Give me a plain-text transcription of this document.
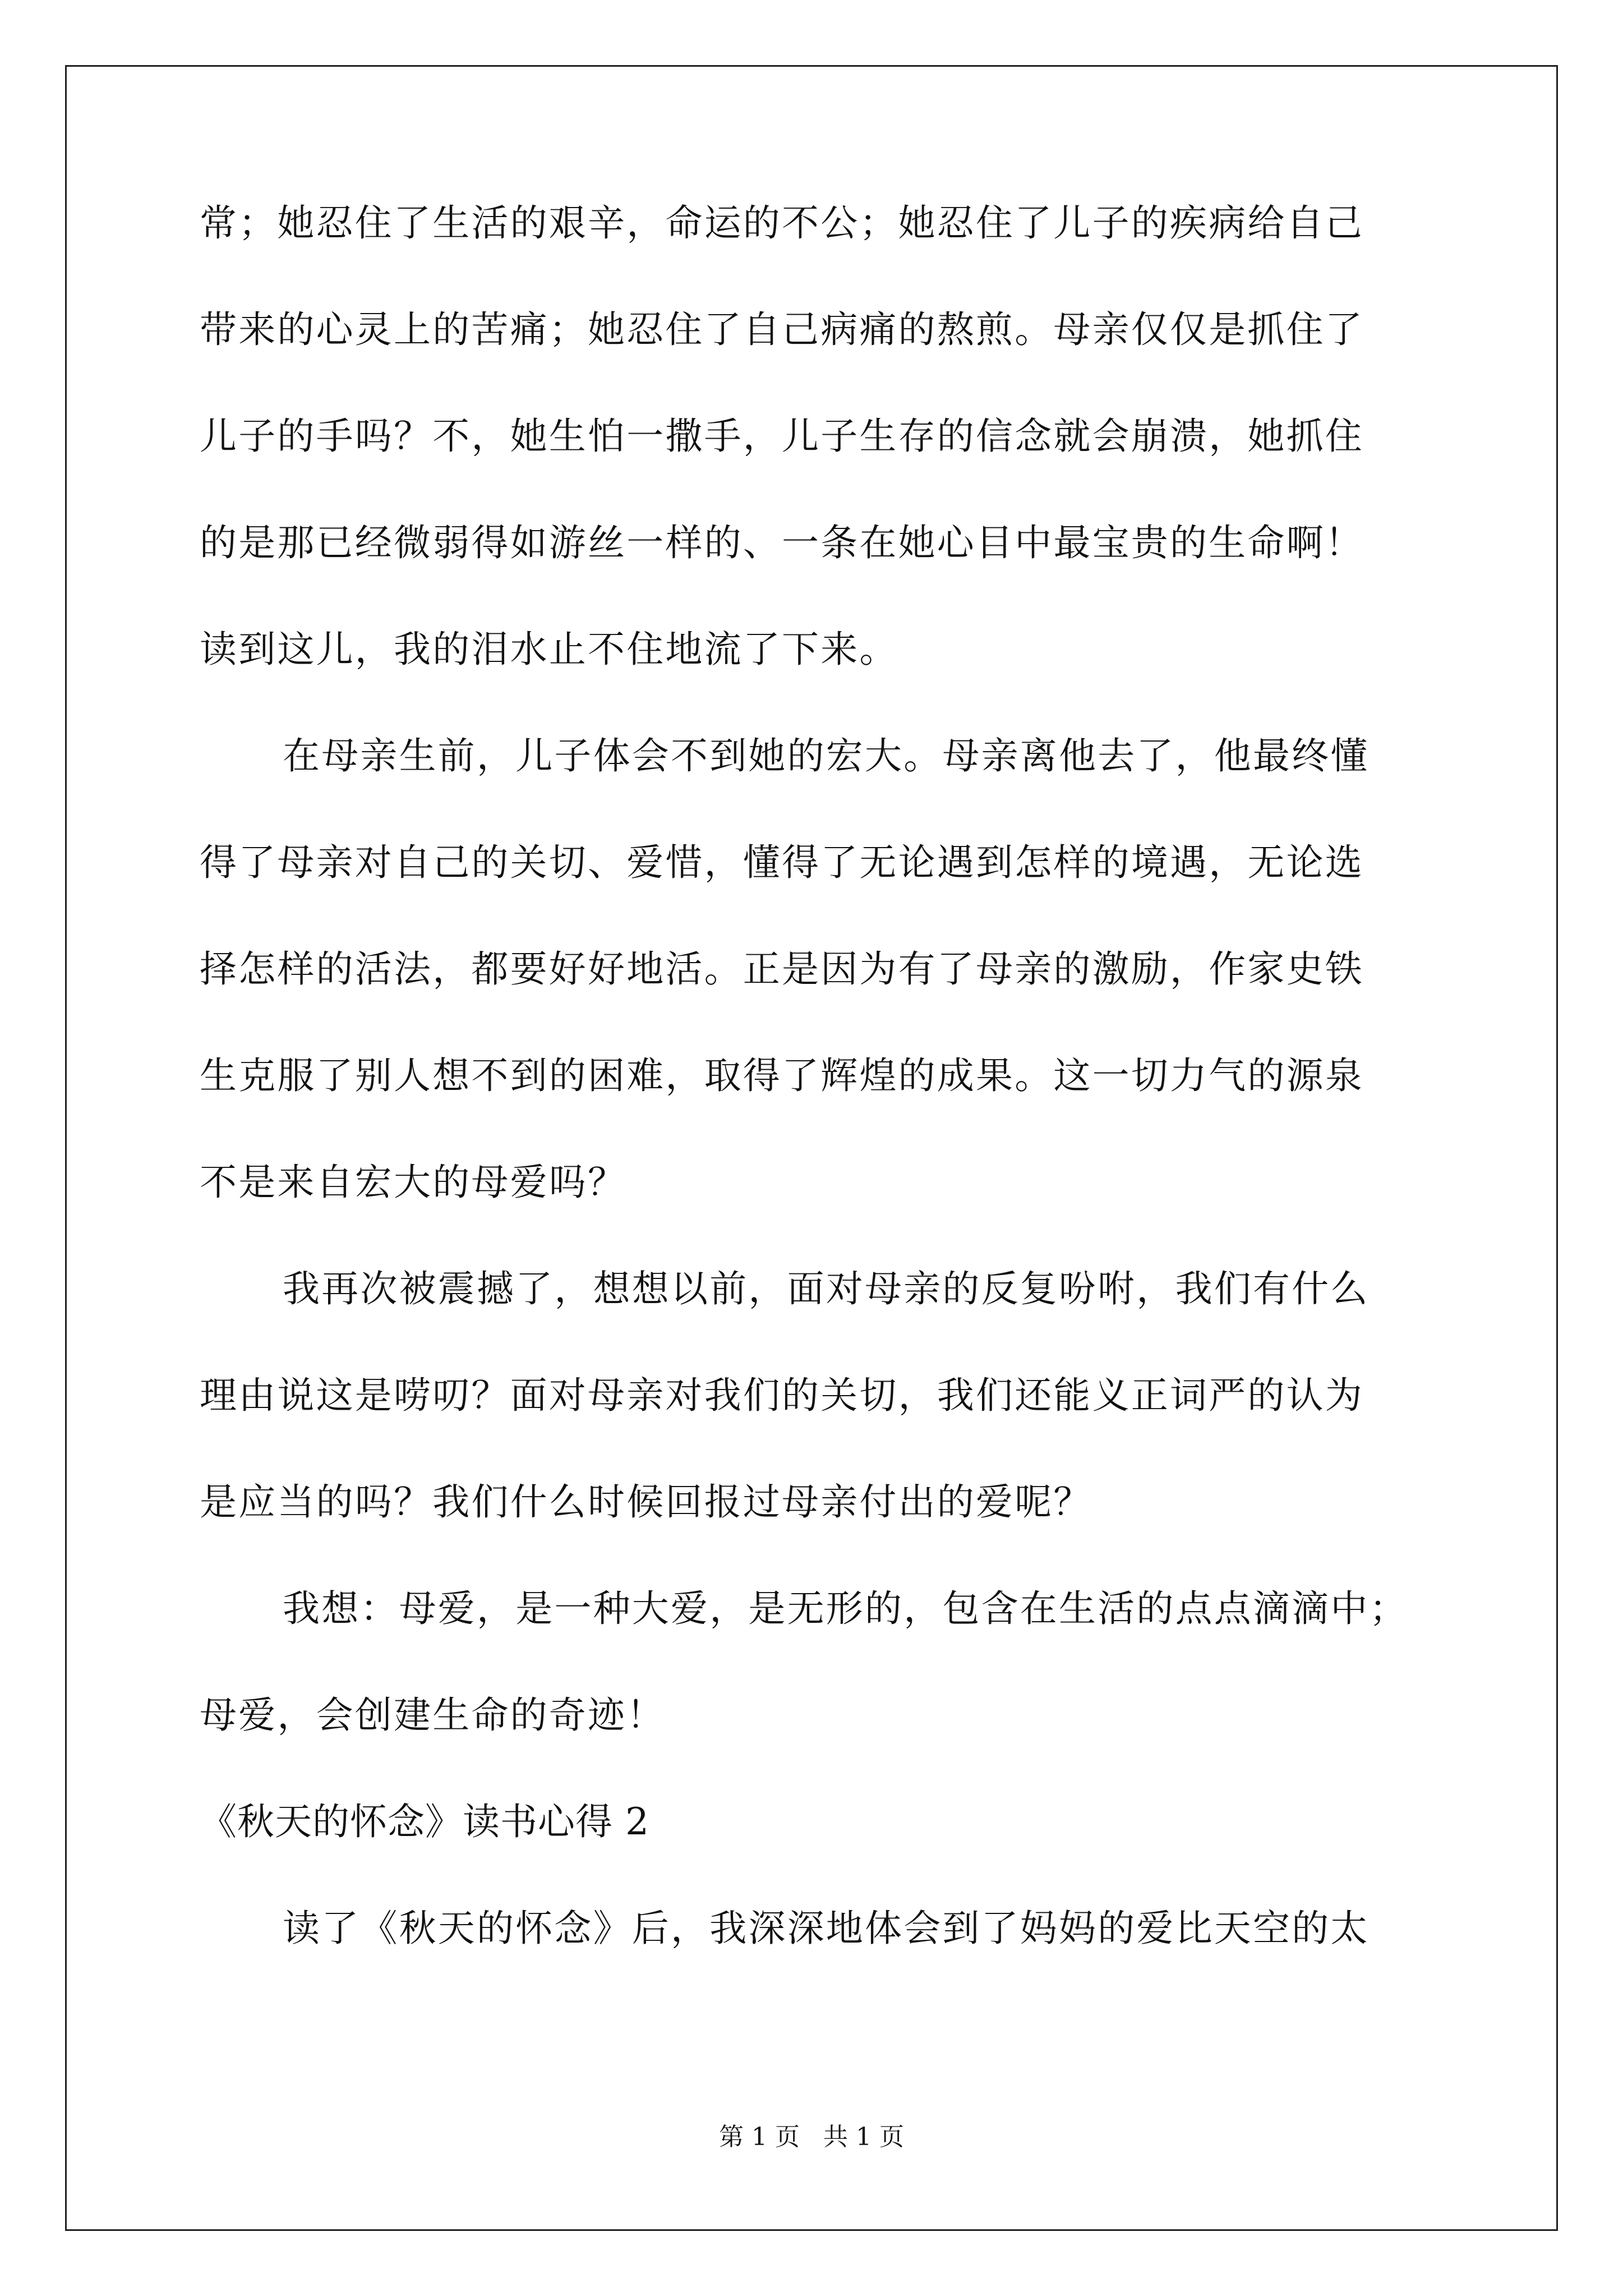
常；她忍住了生活的艰辛，命运的不公；她忍住了儿子的疾病给自己
带来的心灵上的苦痛；她忍住了自己病痛的熬煎。母亲仅仅是抓住了
儿子的手吗？不，她生怕一撒手，儿子生存的信念就会崩溃，她抓住
的是那已经微弱得如游丝一样的、一条在她心目中最宝贵的生命啊！
读到这儿，我的泪水止不住地流了下来。
在母亲生前，儿子体会不到她的宏大。母亲离他去了，他最终懂
得了母亲对自己的关切、爱惜，懂得了无论遇到怎样的境遇，无论选
择怎样的活法，都要好好地活。正是因为有了母亲的激励，作家史铁
生克服了别人想不到的困难，取得了辉煌的成果。这一切力气的源泉
不是来自宏大的母爱吗？
我再次被震撼了，想想以前，面对母亲的反复吩咐，我们有什么
理由说这是唠叨？面对母亲对我们的关切，我们还能义正词严的认为
是应当的吗？我们什么时候回报过母亲付出的爱呢？
我想：母爱，是一种大爱，是无形的，包含在生活的点点滴滴中；
母爱，会创建生命的奇迹！
《秋天的怀念》读书心得 2
读了《秋天的怀念》后，我深深地体会到了妈妈的爱比天空的太
第 1 页   共 1 页
